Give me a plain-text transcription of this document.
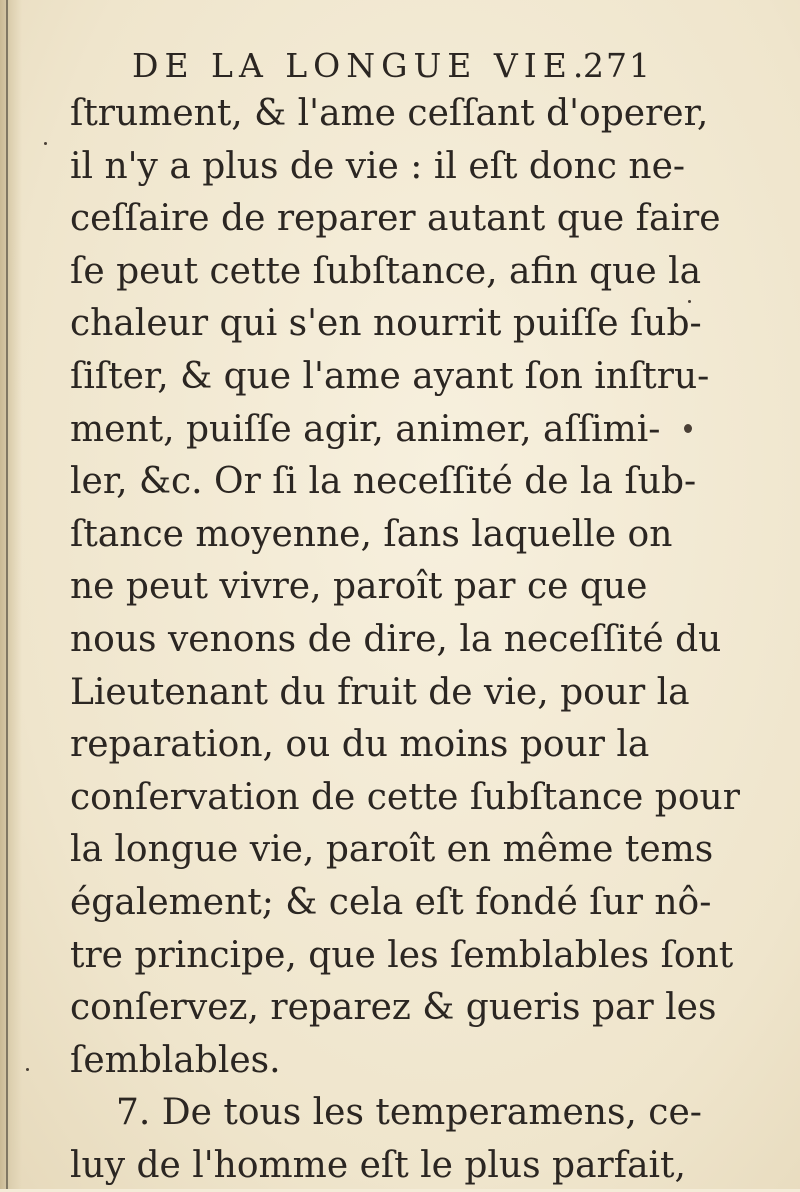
DE LA LONGUE VIE.
271
ſtrument, & l'ame ceſſant d'operer,
il n'y a plus de vie : il eſt donc ne-
ceſſaire de reparer autant que faire
ſe peut cette ſubſtance, afin que la
chaleur qui s'en nourrit puiſſe ſub-
ſiſter, & que l'ame ayant ſon inſtru-
ment, puiſſe agir, animer, aſſimi-
ler, &c. Or ſi la neceſſité de la ſub-
ſtance moyenne, ſans laquelle on
ne peut vivre, paroît par ce que
nous venons de dire, la neceſſité du
Lieutenant du fruit de vie, pour la
reparation, ou du moins pour la
conſervation de cette ſubſtance pour
la longue vie, paroît en même tems
également; & cela eſt fondé ſur nô-
tre principe, que les ſemblables ſont
conſervez, reparez & gueris par les
ſemblables.
7. De tous les temperamens, ce-
luy de l'homme eſt le plus parfait,
